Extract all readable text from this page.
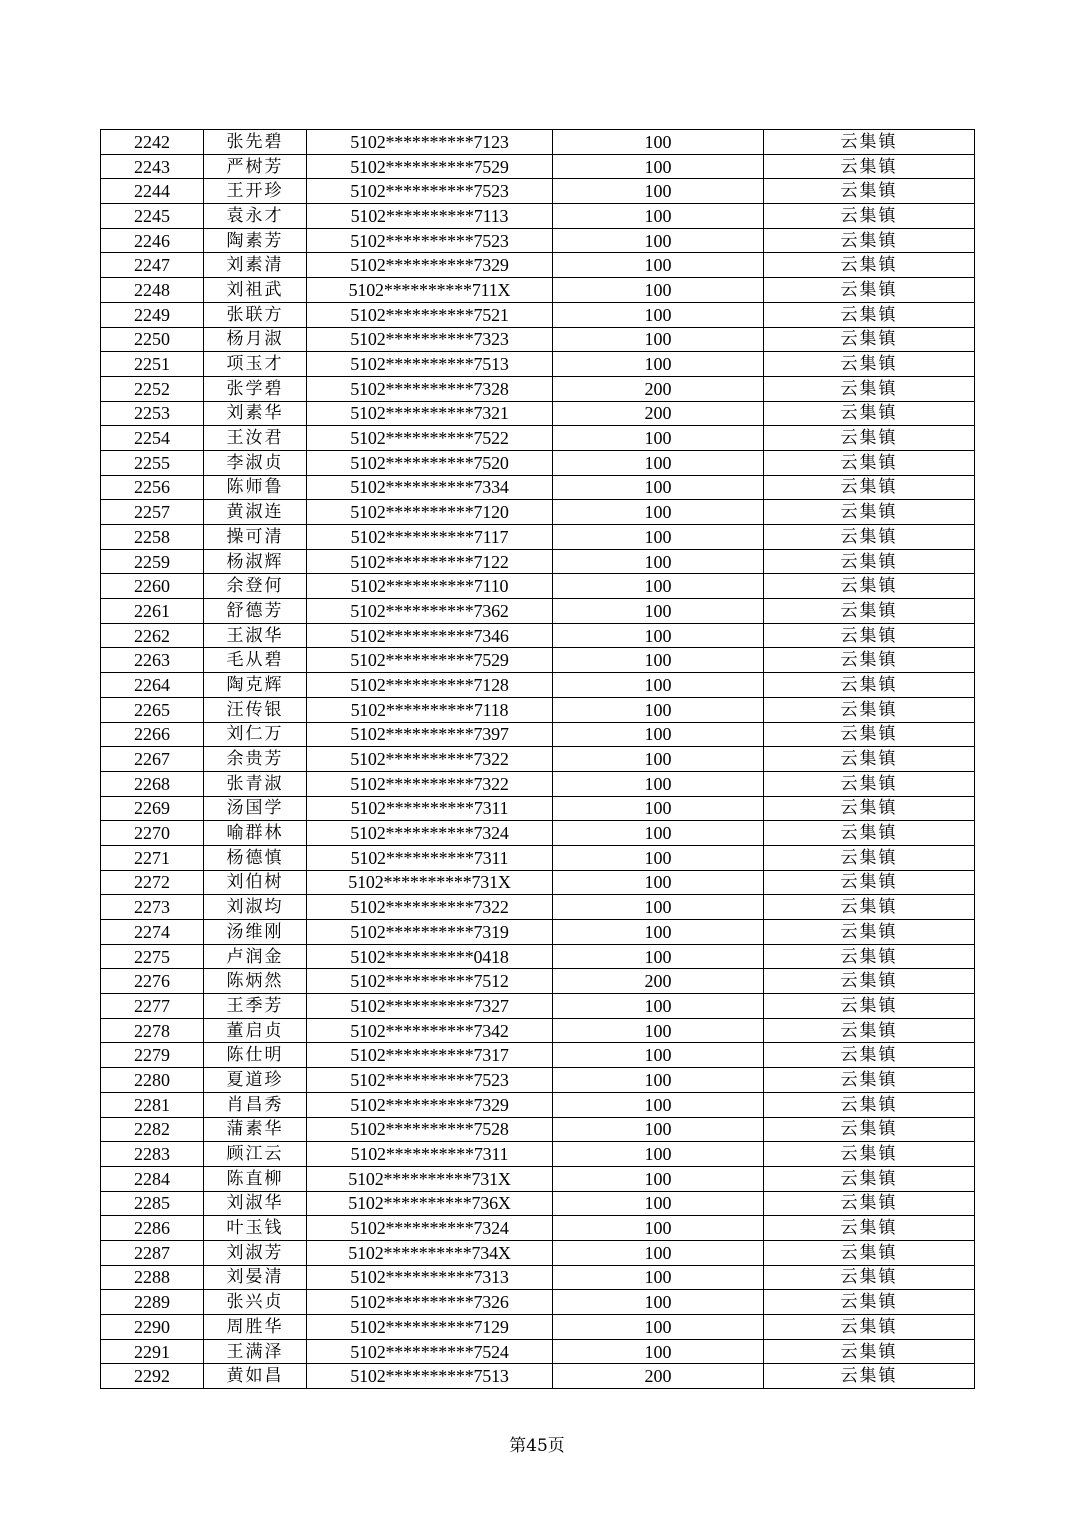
2242	张先碧	5102**********7123	100	云集镇
2243	严树芳	5102**********7529	100	云集镇
2244	王开珍	5102**********7523	100	云集镇
2245	袁永才	5102**********7113	100	云集镇
2246	陶素芳	5102**********7523	100	云集镇
2247	刘素清	5102**********7329	100	云集镇
2248	刘祖武	5102**********711X	100	云集镇
2249	张联方	5102**********7521	100	云集镇
2250	杨月淑	5102**********7323	100	云集镇
2251	项玉才	5102**********7513	100	云集镇
2252	张学碧	5102**********7328	200	云集镇
2253	刘素华	5102**********7321	200	云集镇
2254	王汝君	5102**********7522	100	云集镇
2255	李淑贞	5102**********7520	100	云集镇
2256	陈师鲁	5102**********7334	100	云集镇
2257	黄淑连	5102**********7120	100	云集镇
2258	操可清	5102**********7117	100	云集镇
2259	杨淑辉	5102**********7122	100	云集镇
2260	余登何	5102**********7110	100	云集镇
2261	舒德芳	5102**********7362	100	云集镇
2262	王淑华	5102**********7346	100	云集镇
2263	毛从碧	5102**********7529	100	云集镇
2264	陶克辉	5102**********7128	100	云集镇
2265	汪传银	5102**********7118	100	云集镇
2266	刘仁万	5102**********7397	100	云集镇
2267	余贵芳	5102**********7322	100	云集镇
2268	张青淑	5102**********7322	100	云集镇
2269	汤国学	5102**********7311	100	云集镇
2270	喻群林	5102**********7324	100	云集镇
2271	杨德慎	5102**********7311	100	云集镇
2272	刘伯树	5102**********731X	100	云集镇
2273	刘淑均	5102**********7322	100	云集镇
2274	汤维刚	5102**********7319	100	云集镇
2275	卢润金	5102**********0418	100	云集镇
2276	陈炳然	5102**********7512	200	云集镇
2277	王季芳	5102**********7327	100	云集镇
2278	董启贞	5102**********7342	100	云集镇
2279	陈仕明	5102**********7317	100	云集镇
2280	夏道珍	5102**********7523	100	云集镇
2281	肖昌秀	5102**********7329	100	云集镇
2282	蒲素华	5102**********7528	100	云集镇
2283	顾江云	5102**********7311	100	云集镇
2284	陈直柳	5102**********731X	100	云集镇
2285	刘淑华	5102**********736X	100	云集镇
2286	叶玉钱	5102**********7324	100	云集镇
2287	刘淑芳	5102**********734X	100	云集镇
2288	刘晏清	5102**********7313	100	云集镇
2289	张兴贞	5102**********7326	100	云集镇
2290	周胜华	5102**********7129	100	云集镇
2291	王满泽	5102**********7524	100	云集镇
2292	黄如昌	5102**********7513	200	云集镇
第45页
